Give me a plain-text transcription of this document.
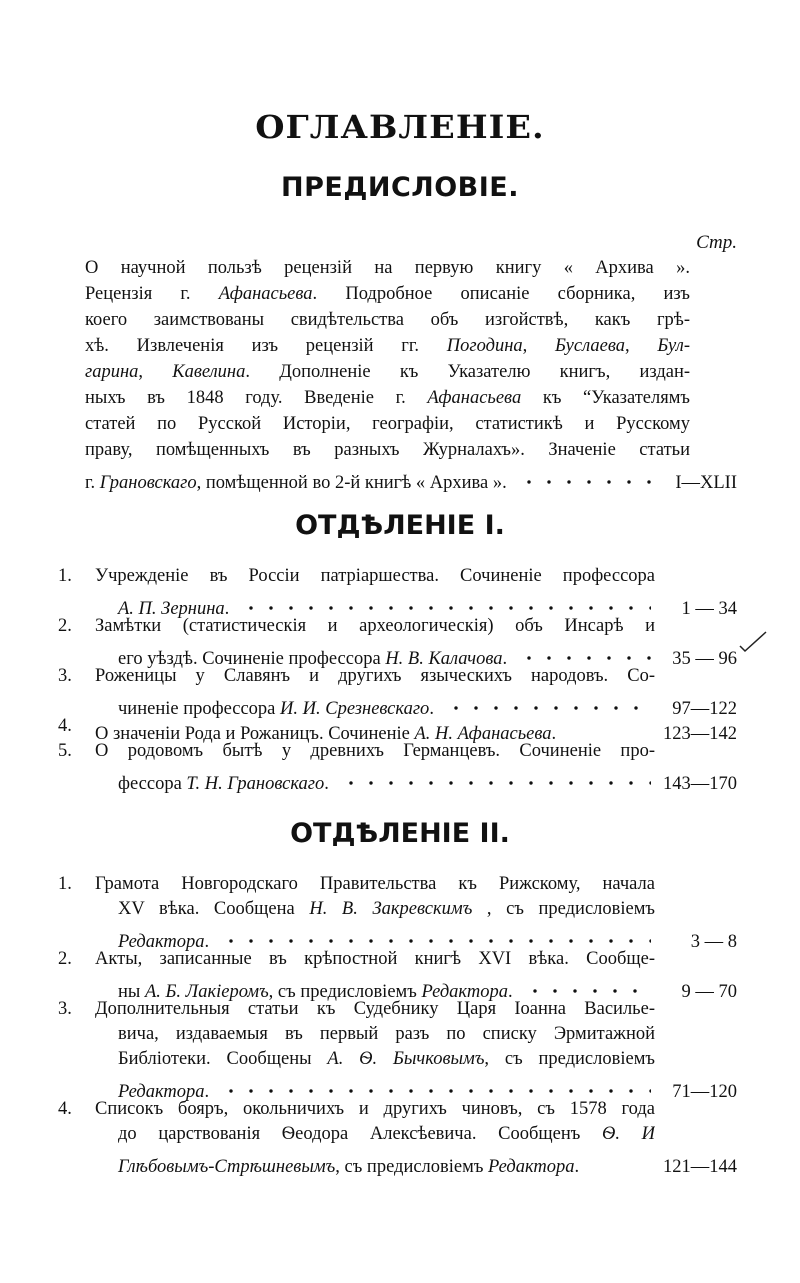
ОГЛАВЛЕНІЕ.
ПРЕДИСЛОВІЕ.
Стр.
О научной пользѣ рецензій на первую книгу « Архива ».
Рецензія г. Афанасьева. Подробное описаніе сборника, изъ
коего заимствованы свидѣтельства объ изгойствѣ, какъ грѣ-
хѣ. Извлеченія изъ рецензій гг. Погодина, Буслаева, Бул-
гарина, Кавелина. Дополненіе къ Указателю книгъ, издан-
ныхъ въ 1848 году. Введеніе г. Афанасьева къ “Указателямъ
статей по Русской Исторіи, географіи, статистикѣ и Русскому
праву, помѣщенныхъ въ разныхъ Журналахъ». Значеніе статьи
г. Грановскаго, помѣщенной во 2-й книгѣ « Архива ».	I—XLII
ОТДѢЛЕНІЕ I.
1. Учрежденіе въ Россіи патріаршества. Сочиненіе профессора
А. П. Зернина.	1 — 34
2. Замѣтки (статистическія и археологическія) объ Инсарѣ и
его уѣздѣ. Сочиненіе профессора Н. В. Калачова.	35 — 96
3. Роженицы у Славянъ и другихъ языческихъ народовъ. Со-
чиненіе профессора И. И. Срезневскаго.	97—122
4. О значеніи Рода и Рожаницъ. Сочиненіе А. Н. Афанасьева.	123—142
5. О родовомъ бытѣ у древнихъ Германцевъ. Сочиненіе про-
фессора Т. Н. Грановскаго.	143—170
ОТДѢЛЕНІЕ II.
1. Грамота Новгородскаго Правительства къ Рижскому, начала
XV вѣка. Сообщена Н. В. Закревскимъ , съ предисловіемъ
Редактора.	3 — 8
2. Акты, записанные въ крѣпостной книгѣ XVI вѣка. Сообще-
ны А. Б. Лакіеромъ, съ предисловіемъ Редактора.	9 — 70
3. Дополнительныя статьи къ Судебнику Царя Іоанна Василье-
вича, издаваемыя въ первый разъ по списку Эрмитажной
Библіотеки. Сообщены А. Ѳ. Бычковымъ, съ предисловіемъ
Редактора.	71—120
4. Списокъ бояръ, окольничихъ и другихъ чиновъ, съ 1578 года
до царствованія Ѳеодора Алексѣевича. Сообщенъ Ѳ. И
Глѣбовымъ-Стрѣшневымъ, съ предисловіемъ Редактора.	121—144
